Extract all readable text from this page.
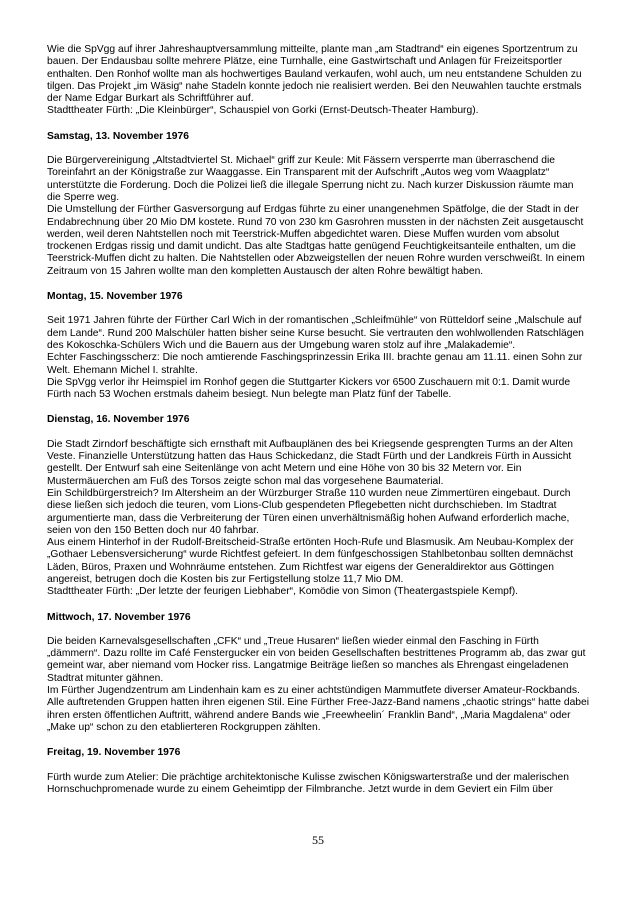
Wie die SpVgg auf ihrer Jahreshauptversammlung mitteilte, plante man „am Stadtrand“ ein eigenes Sportzentrum zu bauen. Der Endausbau sollte mehrere Plätze, eine Turnhalle, eine Gastwirtschaft und Anlagen für Freizeitsportler enthalten. Den Ronhof wollte man als hochwertiges Bauland verkaufen, wohl auch, um neu entstandene Schulden zu tilgen. Das Projekt „im Wäsig“ nahe Stadeln konnte jedoch nie realisiert werden. Bei den Neuwahlen tauchte erstmals der Name Edgar Burkart als Schriftführer auf.

Stadttheater Fürth: „Die Kleinbürger“, Schauspiel von Gorki (Ernst-Deutsch-Theater Hamburg).

Samstag, 13. November 1976

Die Bürgervereinigung „Altstadtviertel St. Michael“ griff zur Keule: Mit Fässern versperrte man überraschend die Toreinfahrt an der Königstraße zur Waaggasse. Ein Transparent mit der Aufschrift „Autos weg vom Waagplatz“ unterstützte die Forderung. Doch die Polizei ließ die illegale Sperrung nicht zu. Nach kurzer Diskussion räumte man die Sperre weg.

Die Umstellung der Fürther Gasversorgung auf Erdgas führte zu einer unangenehmen Spätfolge, die der Stadt in der Endabrechnung über 20 Mio DM kostete. Rund 70 von 230 km Gasrohren mussten in der nächsten Zeit ausgetauscht werden, weil deren Nahtstellen noch mit Teerstrick-Muffen abgedichtet waren. Diese Muffen wurden vom absolut trockenen Erdgas rissig und damit undicht. Das alte Stadtgas hatte genügend Feuchtigkeitsanteile enthalten, um die Teerstrick-Muffen dicht zu halten. Die Nahtstellen oder Abzweigstellen der neuen Rohre wurden verschweißt. In einem Zeitraum von 15 Jahren wollte man den kompletten Austausch der alten Rohre bewältigt haben.

Montag, 15. November 1976

Seit 1971 Jahren führte der Fürther Carl Wich in der romantischen „Schleifmühle“ von Rütteldorf seine „Malschule auf dem Lande“. Rund 200 Malschüler hatten bisher seine Kurse besucht. Sie vertrauten den wohlwollenden Ratschlägen des Kokoschka-Schülers Wich und die Bauern aus der Umgebung waren stolz auf ihre „Malakademie“.

Echter Faschingsscherz: Die noch amtierende Faschingsprinzessin Erika III. brachte genau am 11.11. einen Sohn zur Welt. Ehemann Michel I. strahlte.

Die SpVgg verlor ihr Heimspiel im Ronhof gegen die Stuttgarter Kickers vor 6500 Zuschauern mit 0:1. Damit wurde Fürth nach 53 Wochen erstmals daheim besiegt. Nun belegte man Platz fünf der Tabelle.

Dienstag, 16. November 1976

Die Stadt Zirndorf beschäftigte sich ernsthaft mit Aufbauplänen des bei Kriegsende gesprengten Turms an der Alten Veste. Finanzielle Unterstützung hatten das Haus Schickedanz, die Stadt Fürth und der Landkreis Fürth in Aussicht gestellt. Der Entwurf sah eine Seitenlänge von acht Metern und eine Höhe von 30 bis 32 Metern vor. Ein Mustermäuerchen am Fuß des Torsos zeigte schon mal das vorgesehene Baumaterial.

Ein Schildbürgerstreich? Im Altersheim an der Würzburger Straße 110 wurden neue Zimmertüren eingebaut. Durch diese ließen sich jedoch die teuren, vom Lions-Club gespendeten Pflegebetten nicht durchschieben. Im Stadtrat argumentierte man, dass die Verbreiterung der Türen einen unverhältnismäßig hohen Aufwand erforderlich mache, seien von den 150 Betten doch nur 40 fahrbar.

Aus einem Hinterhof in der Rudolf-Breitscheid-Straße ertönten Hoch-Rufe und Blasmusik. Am Neubau-Komplex der „Gothaer Lebensversicherung“ wurde Richtfest gefeiert. In dem fünfgeschossigen Stahlbetonbau sollten demnächst Läden, Büros, Praxen und Wohnräume entstehen. Zum Richtfest war eigens der Generaldirektor aus Göttingen angereist, betrugen doch die Kosten bis zur Fertigstellung stolze 11,7 Mio DM.

Stadttheater Fürth: „Der letzte der feurigen Liebhaber“, Komödie von Simon (Theatergastspiele Kempf).

Mittwoch, 17. November 1976

Die beiden Karnevalsgesellschaften „CFK“ und „Treue Husaren“ ließen wieder einmal den Fasching in Fürth „dämmern“. Dazu rollte im Café Fenstergucker ein von beiden Gesellschaften bestrittenes Programm ab, das zwar gut gemeint war, aber niemand vom Hocker riss. Langatmige Beiträge ließen so manches als Ehrengast eingeladenen Stadtrat mitunter gähnen.

Im Fürther Jugendzentrum am Lindenhain kam es zu einer achtstündigen Mammutfete diverser Amateur-Rockbands. Alle auftretenden Gruppen hatten ihren eigenen Stil. Eine Fürther Free-Jazz-Band namens „chaotic strings“ hatte dabei ihren ersten öffentlichen Auftritt, während andere Bands wie „Freewheelin´ Franklin Band“, „Maria Magdalena“ oder „Make up“ schon zu den etablierteren Rockgruppen zählten.

Freitag, 19. November 1976

Fürth wurde zum Atelier: Die prächtige architektonische Kulisse zwischen Königswarterstraße und der malerischen Hornschuchpromenade wurde zu einem Geheimtipp der Filmbranche. Jetzt wurde in dem Geviert ein Film über

55
